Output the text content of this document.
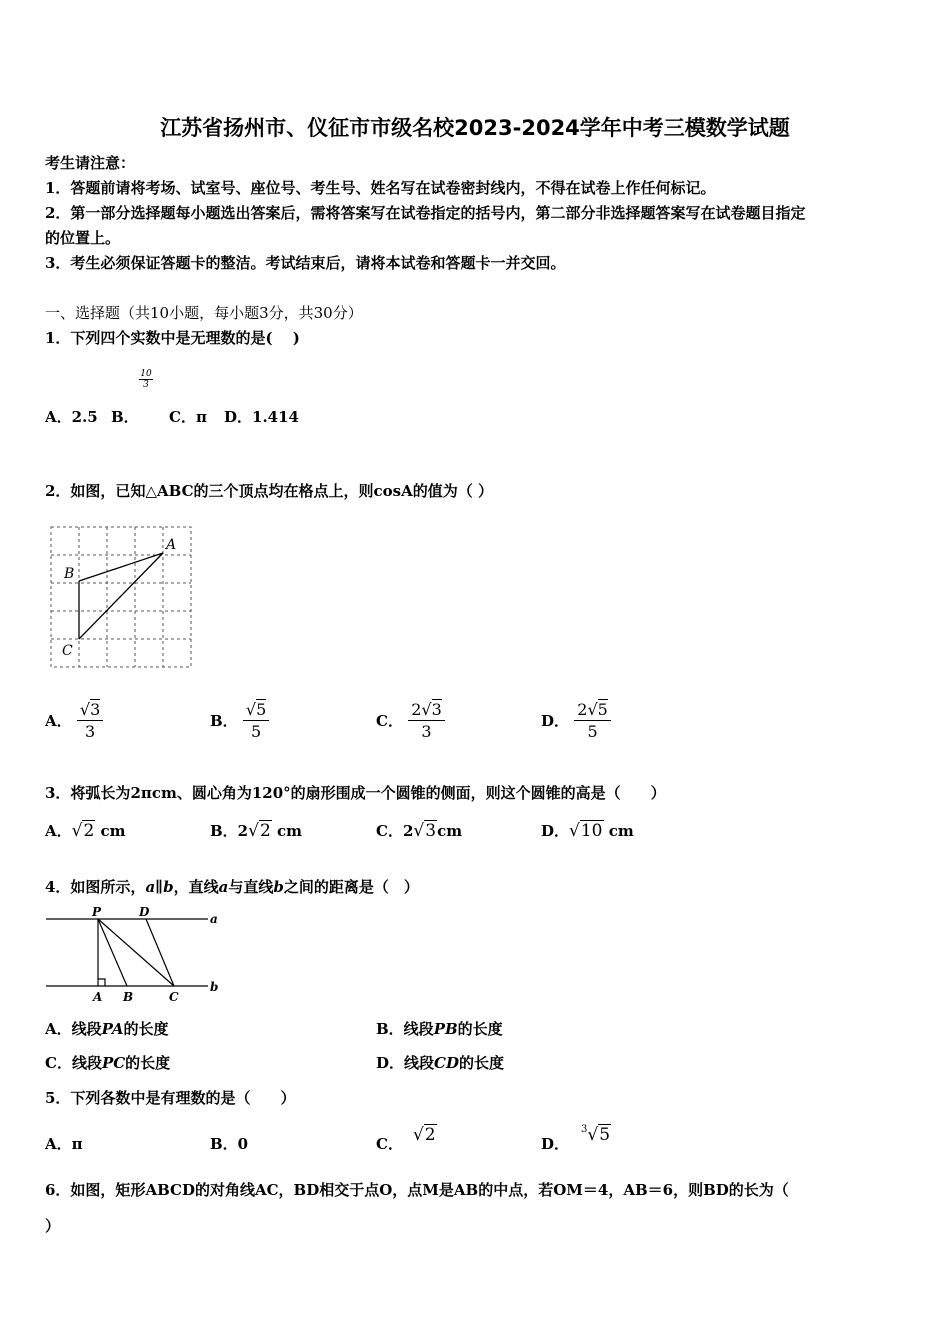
江苏省扬州市、仪征市市级名校2023-2024学年中考三模数学试题
考生请注意：
1．答题前请将考场、试室号、座位号、考生号、姓名写在试卷密封线内，不得在试卷上作任何标记。
2．第一部分选择题每小题选出答案后，需将答案写在试卷指定的括号内，第二部分非选择题答案写在试卷题目指定
的位置上。
3．考生必须保证答题卡的整洁。考试结束后，请将本试卷和答题卡一并交回。
一、选择题（共10小题，每小题3分，共30分）
1．下列四个实数中是无理数的是(　 )
$\frac{10}{3}$
A．2.5 B． C．π D．1.414
2．如图，已知△ABC的三个顶点均在格点上，则cosA的值为（ ）
A
B
C
A． $\frac{√3}{3}$	B． $\frac{√5}{5}$	C． $\frac{2√3}{3}$	D． $\frac{2√5}{5}$
3．将弧长为2πcm、圆心角为120°的扇形围成一个圆锥的侧面，则这个圆锥的高是（　　）
A．√2 cm	B．2√2 cm	C．2√3cm	D．√10 cm
4．如图所示，a∥b，直线a与直线b之间的距离是（　）
P	D	a
A B	C
b
A．线段PA的长度	B．线段PB的长度
C．线段PC的长度	D．线段CD的长度
5．下列各数中是有理数的是（　　）
A．π	B．0	C． √2	D．$^3$√5
6．如图，矩形ABCD的对角线AC，BD相交于点O，点M是AB的中点，若OM＝4，AB＝6，则BD的长为（
）
